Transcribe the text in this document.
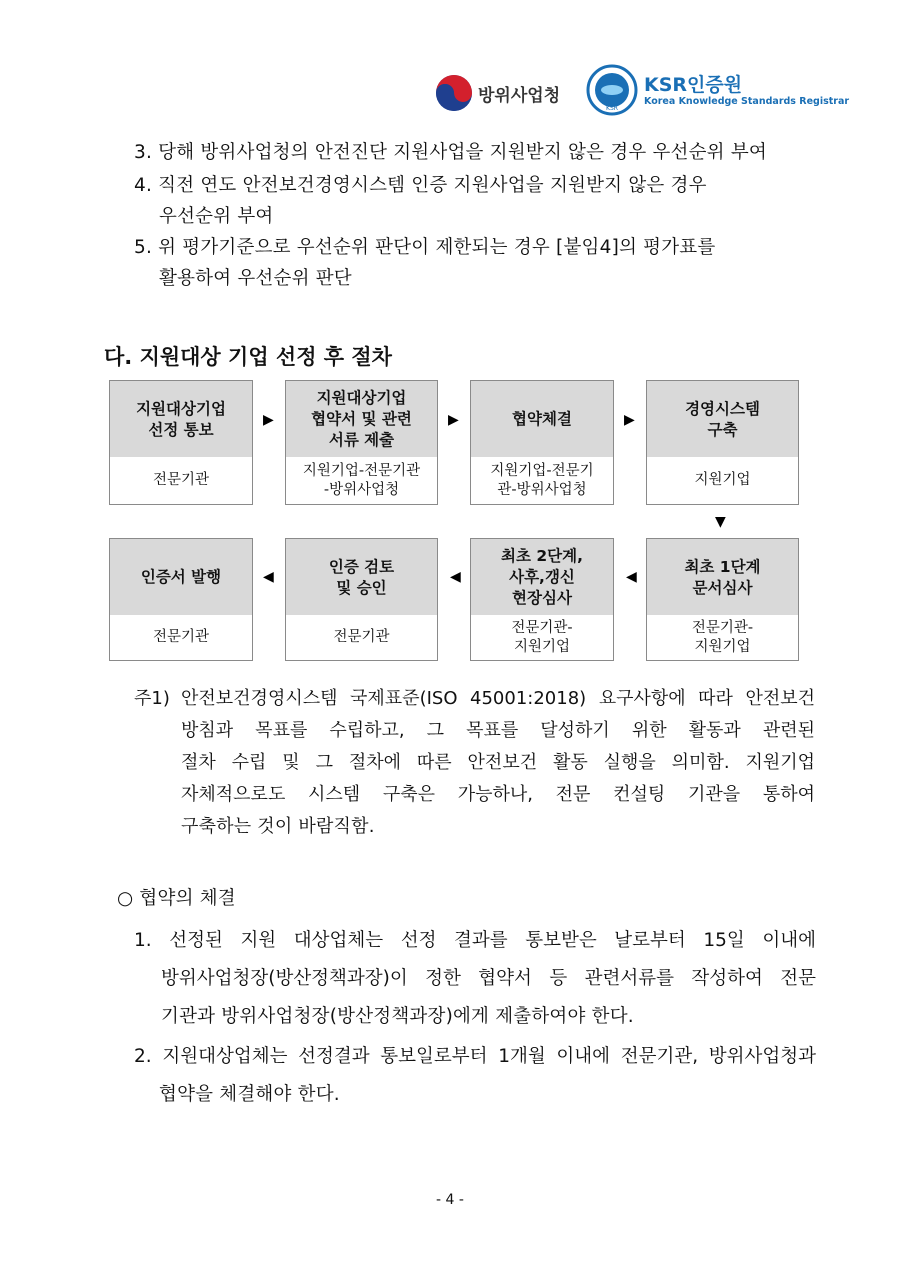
방위사업청
KSR
KSR인증원
Korea Knowledge Standards Registrar
3. 당해 방위사업청의 안전진단 지원사업을 지원받지 않은 경우 우선순위 부여
4. 직전 연도 안전보건경영시스템 인증 지원사업을 지원받지 않은 경우
우선순위 부여
5. 위 평가기준으로 우선순위 판단이 제한되는 경우 [붙임4]의 평가표를
활용하여 우선순위 판단
다. 지원대상 기업 선정 후 절차
지원대상기업
선정 통보
전문기관
▶
지원대상기업
협약서 및 관련
서류 제출
지원기업-전문기관
-방위사업청
▶	협약체결
지원기업-전문기
관-방위사업청
▶
경영시스템
구축
지원기업
▼
인증서 발행
전문기관
◀
인증 검토
및 승인
전문기관
◀
최초 2단계,
사후,갱신
현장심사
전문기관-
지원기업
◀
최초 1단계
문서심사
전문기관-
지원기업
주1) 안전보건경영시스템 국제표준(ISO 45001:2018) 요구사항에 따라 안전보건
방침과 목표를 수립하고, 그 목표를 달성하기 위한 활동과 관련된
절차 수립 및 그 절차에 따른 안전보건 활동 실행을 의미함. 지원기업
자체적으로도 시스템 구축은 가능하나, 전문 컨설팅 기관을 통하여
구축하는 것이 바람직함.
○ 협약의 체결
1. 선정된 지원 대상업체는 선정 결과를 통보받은 날로부터 15일 이내에
방위사업청장(방산정책과장)이 정한 협약서 등 관련서류를 작성하여 전문
기관과 방위사업청장(방산정책과장)에게 제출하여야 한다.
2. 지원대상업체는 선정결과 통보일로부터 1개월 이내에 전문기관, 방위사업청과
협약을 체결해야 한다.
- 4 -
